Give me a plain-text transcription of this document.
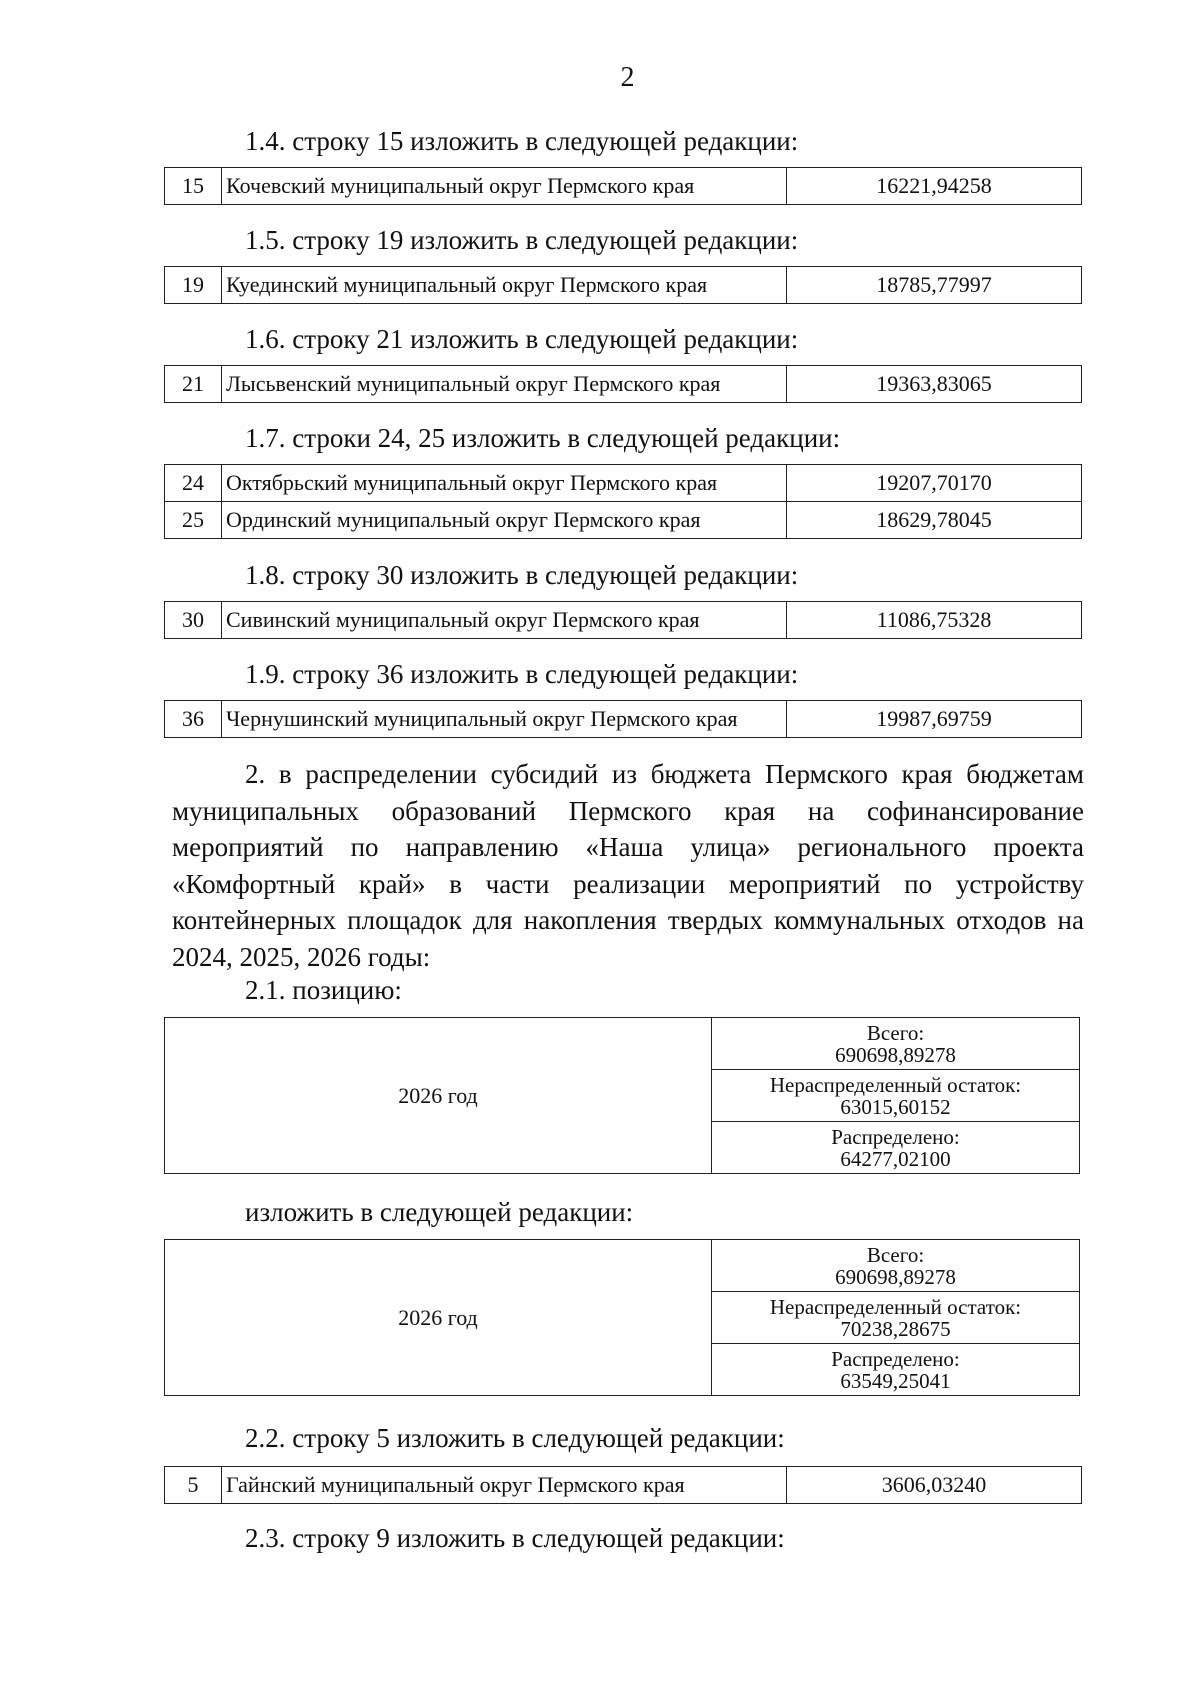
2
1.4. строку 15 изложить в следующей редакции:
15	Кочевский муниципальный округ Пермского края	16221,94258
1.5. строку 19 изложить в следующей редакции:
19	Куединский муниципальный округ Пермского края	18785,77997
1.6. строку 21 изложить в следующей редакции:
21	Лысьвенский муниципальный округ Пермского края	19363,83065
1.7. строки 24, 25 изложить в следующей редакции:
24	Октябрьский муниципальный округ Пермского края	19207,70170
25	Ординский муниципальный округ Пермского края	18629,78045
1.8. строку 30 изложить в следующей редакции:
30	Сивинский муниципальный округ Пермского края	11086,75328
1.9. строку 36 изложить в следующей редакции:
36	Чернушинский муниципальный округ Пермского края	19987,69759
2. в распределении субсидий из бюджета Пермского края бюджетам муниципальных образований Пермского края на софинансирование мероприятий по направлению «Наша улица» регионального проекта «Комфортный край» в части реализации мероприятий по устройству контейнерных площадок для накопления твердых коммунальных отходов на 2024, 2025, 2026 годы:
2.1. позицию:
2026 год	Всего:
690698,89278
Нераспределенный остаток:
63015,60152
Распределено:
64277,02100
изложить в следующей редакции:
2026 год	Всего:
690698,89278
Нераспределенный остаток:
70238,28675
Распределено:
63549,25041
2.2. строку 5 изложить в следующей редакции:
5	Гайнский муниципальный округ Пермского края	3606,03240
2.3. строку 9 изложить в следующей редакции:
